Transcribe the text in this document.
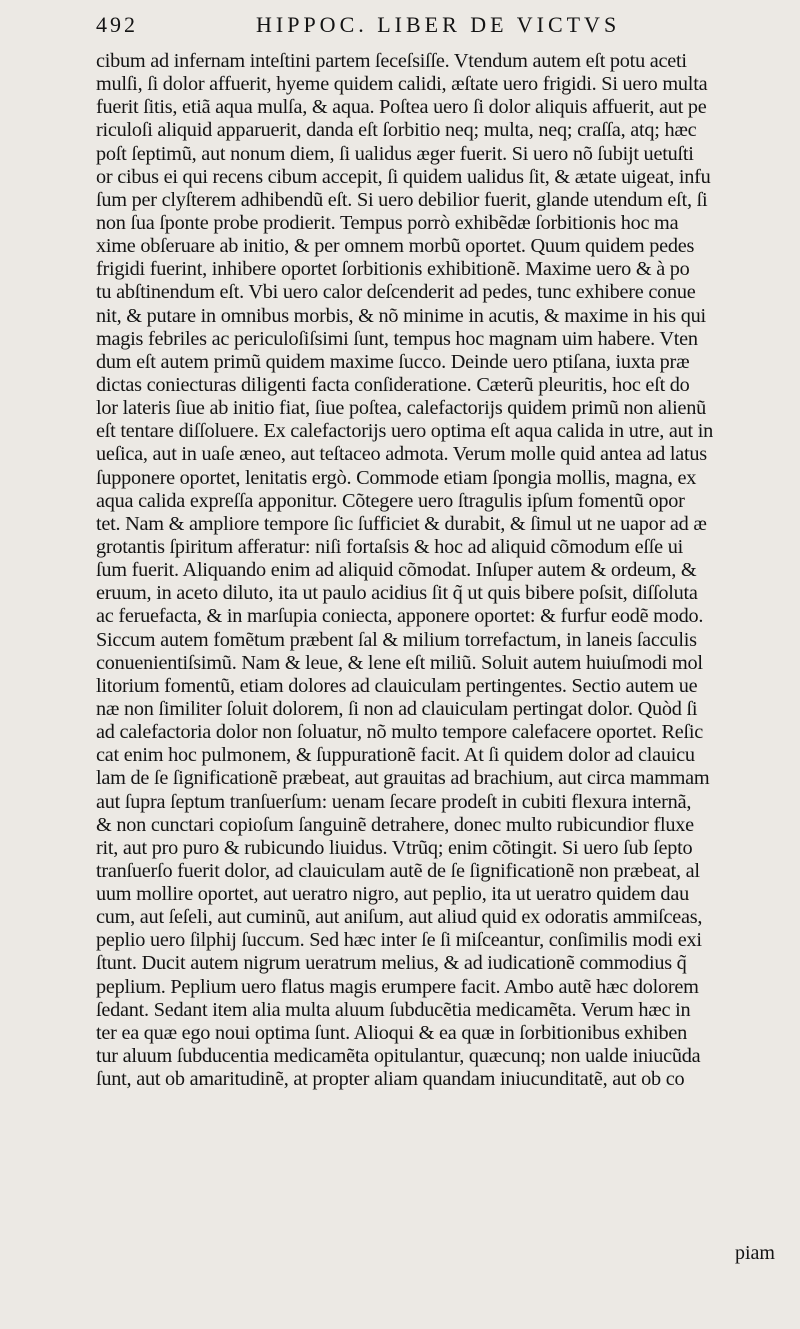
492	HIPPOC. LIBER DE VICTVS
cibum ad infernam inteſtini partem ſeceſsiſſe. Vtendum autem eſt potu aceti
mulſi, ſi dolor affuerit, hyeme quidem calidi, æſtate uero frigidi. Si uero multa
fuerit ſitis, etiã aqua mulſa, & aqua. Poſtea uero ſi dolor aliquis affuerit, aut pe
riculoſi aliquid apparuerit, danda eſt ſorbitio neq; multa, neq; craſſa, atq; hæc
poſt ſeptimũ, aut nonum diem, ſi ualidus æger fuerit. Si uero nõ ſubijt uetuſti
or cibus ei qui recens cibum accepit, ſi quidem ualidus ſit, & ætate uigeat, infu
ſum per clyſterem adhibendũ eſt. Si uero debilior fuerit, glande utendum eſt, ſi
non ſua ſponte probe prodierit. Tempus porrò exhibẽdæ ſorbitionis hoc ma
xime obſeruare ab initio, & per omnem morbũ oportet. Quum quidem pedes
frigidi fuerint, inhibere oportet ſorbitionis exhibitionẽ. Maxime uero & à po
tu abſtinendum eſt. Vbi uero calor deſcenderit ad pedes, tunc exhibere conue
nit, & putare in omnibus morbis, & nõ minime in acutis, & maxime in his qui
magis febriles ac periculoſiſsimi ſunt, tempus hoc magnam uim habere. Vten
dum eſt autem primũ quidem maxime ſucco. Deinde uero ptiſana, iuxta præ
dictas coniecturas diligenti facta conſideratione. Cæterũ pleuritis, hoc eſt do
lor lateris ſiue ab initio fiat, ſiue poſtea, calefactorijs quidem primũ non alienũ
eſt tentare diſſoluere. Ex calefactorijs uero optima eſt aqua calida in utre, aut in
ueſica, aut in uaſe æneo, aut teſtaceo admota. Verum molle quid antea ad latus
ſupponere oportet, lenitatis ergò. Commode etiam ſpongia mollis, magna, ex
aqua calida expreſſa apponitur. Cõtegere uero ſtragulis ipſum fomentũ opor
tet. Nam & ampliore tempore ſic ſufficiet & durabit, & ſimul ut ne uapor ad æ
grotantis ſpiritum afferatur: niſi fortaſsis & hoc ad aliquid cõmodum eſſe ui
ſum fuerit. Aliquando enim ad aliquid cõmodat. Inſuper autem & ordeum, &
eruum, in aceto diluto, ita ut paulo acidius ſit q̃ ut quis bibere poſsit, diſſoluta
ac feruefacta, & in marſupia coniecta, apponere oportet: & furfur eodẽ modo.
Siccum autem fomẽtum præbent ſal & milium torrefactum, in laneis ſacculis
conuenientiſsimũ. Nam & leue, & lene eſt miliũ. Soluit autem huiuſmodi mol
litorium fomentũ, etiam dolores ad clauiculam pertingentes. Sectio autem ue
næ non ſimiliter ſoluit dolorem, ſi non ad clauiculam pertingat dolor. Quòd ſi
ad calefactoria dolor non ſoluatur, nõ multo tempore calefacere oportet. Reſic
cat enim hoc pulmonem, & ſuppurationẽ facit. At ſi quidem dolor ad clauicu
lam de ſe ſignificationẽ præbeat, aut grauitas ad brachium, aut circa mammam
aut ſupra ſeptum tranſuerſum: uenam ſecare prodeſt in cubiti flexura internã,
& non cunctari copioſum ſanguinẽ detrahere, donec multo rubicundior fluxe
rit, aut pro puro & rubicundo liuidus. Vtrũq; enim cõtingit. Si uero ſub ſepto
tranſuerſo fuerit dolor, ad clauiculam autẽ de ſe ſignificationẽ non præbeat, al
uum mollire oportet, aut ueratro nigro, aut peplio, ita ut ueratro quidem dau
cum, aut ſeſeli, aut cuminũ, aut aniſum, aut aliud quid ex odoratis ammiſceas,
peplio uero ſilphij ſuccum. Sed hæc inter ſe ſi miſceantur, conſimilis modi exi
ſtunt. Ducit autem nigrum ueratrum melius, & ad iudicationẽ commodius q̃
peplium. Peplium uero flatus magis erumpere facit. Ambo autẽ hæc dolorem
ſedant. Sedant item alia multa aluum ſubducẽtia medicamẽta. Verum hæc in
ter ea quæ ego noui optima ſunt. Alioqui & ea quæ in ſorbitionibus exhiben
tur aluum ſubducentia medicamẽta opitulantur, quæcunq; non ualde iniucũda
ſunt, aut ob amaritudinẽ, at propter aliam quandam iniucunditatẽ, aut ob co
piam
